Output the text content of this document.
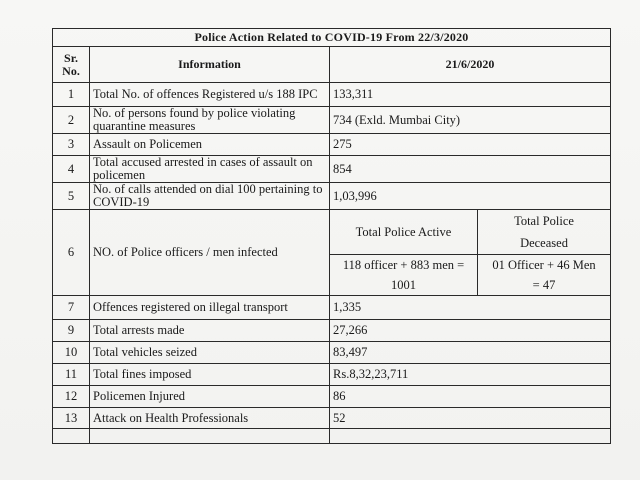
Police Action Related to COVID-19 From 22/3/2020			
Sr. No.	Information	21/6/2020	
1	Total No. of offences Registered u/s 188 IPC	133,311	
2	No. of persons found by police violating quarantine measures	734 (Exld. Mumbai City)	
3	Assault on Policemen	275	
4	Total accused arrested in cases of assault on policemen	854	
5	No. of calls attended on dial 100 pertaining to COVID-19	1,03,996	
6	NO. of Police officers / men infected	Total Police Active	Total Police Deceased
		118 officer + 883 men = 1001	01 Officer + 46 Men = 47
7	Offences registered on illegal transport	1,335	
9	Total arrests made	27,266	
10	Total vehicles seized	83,497	
11	Total fines imposed	Rs.8,32,23,711	
12	Policemen Injured	86	
13	Attack on Health Professionals	52	
